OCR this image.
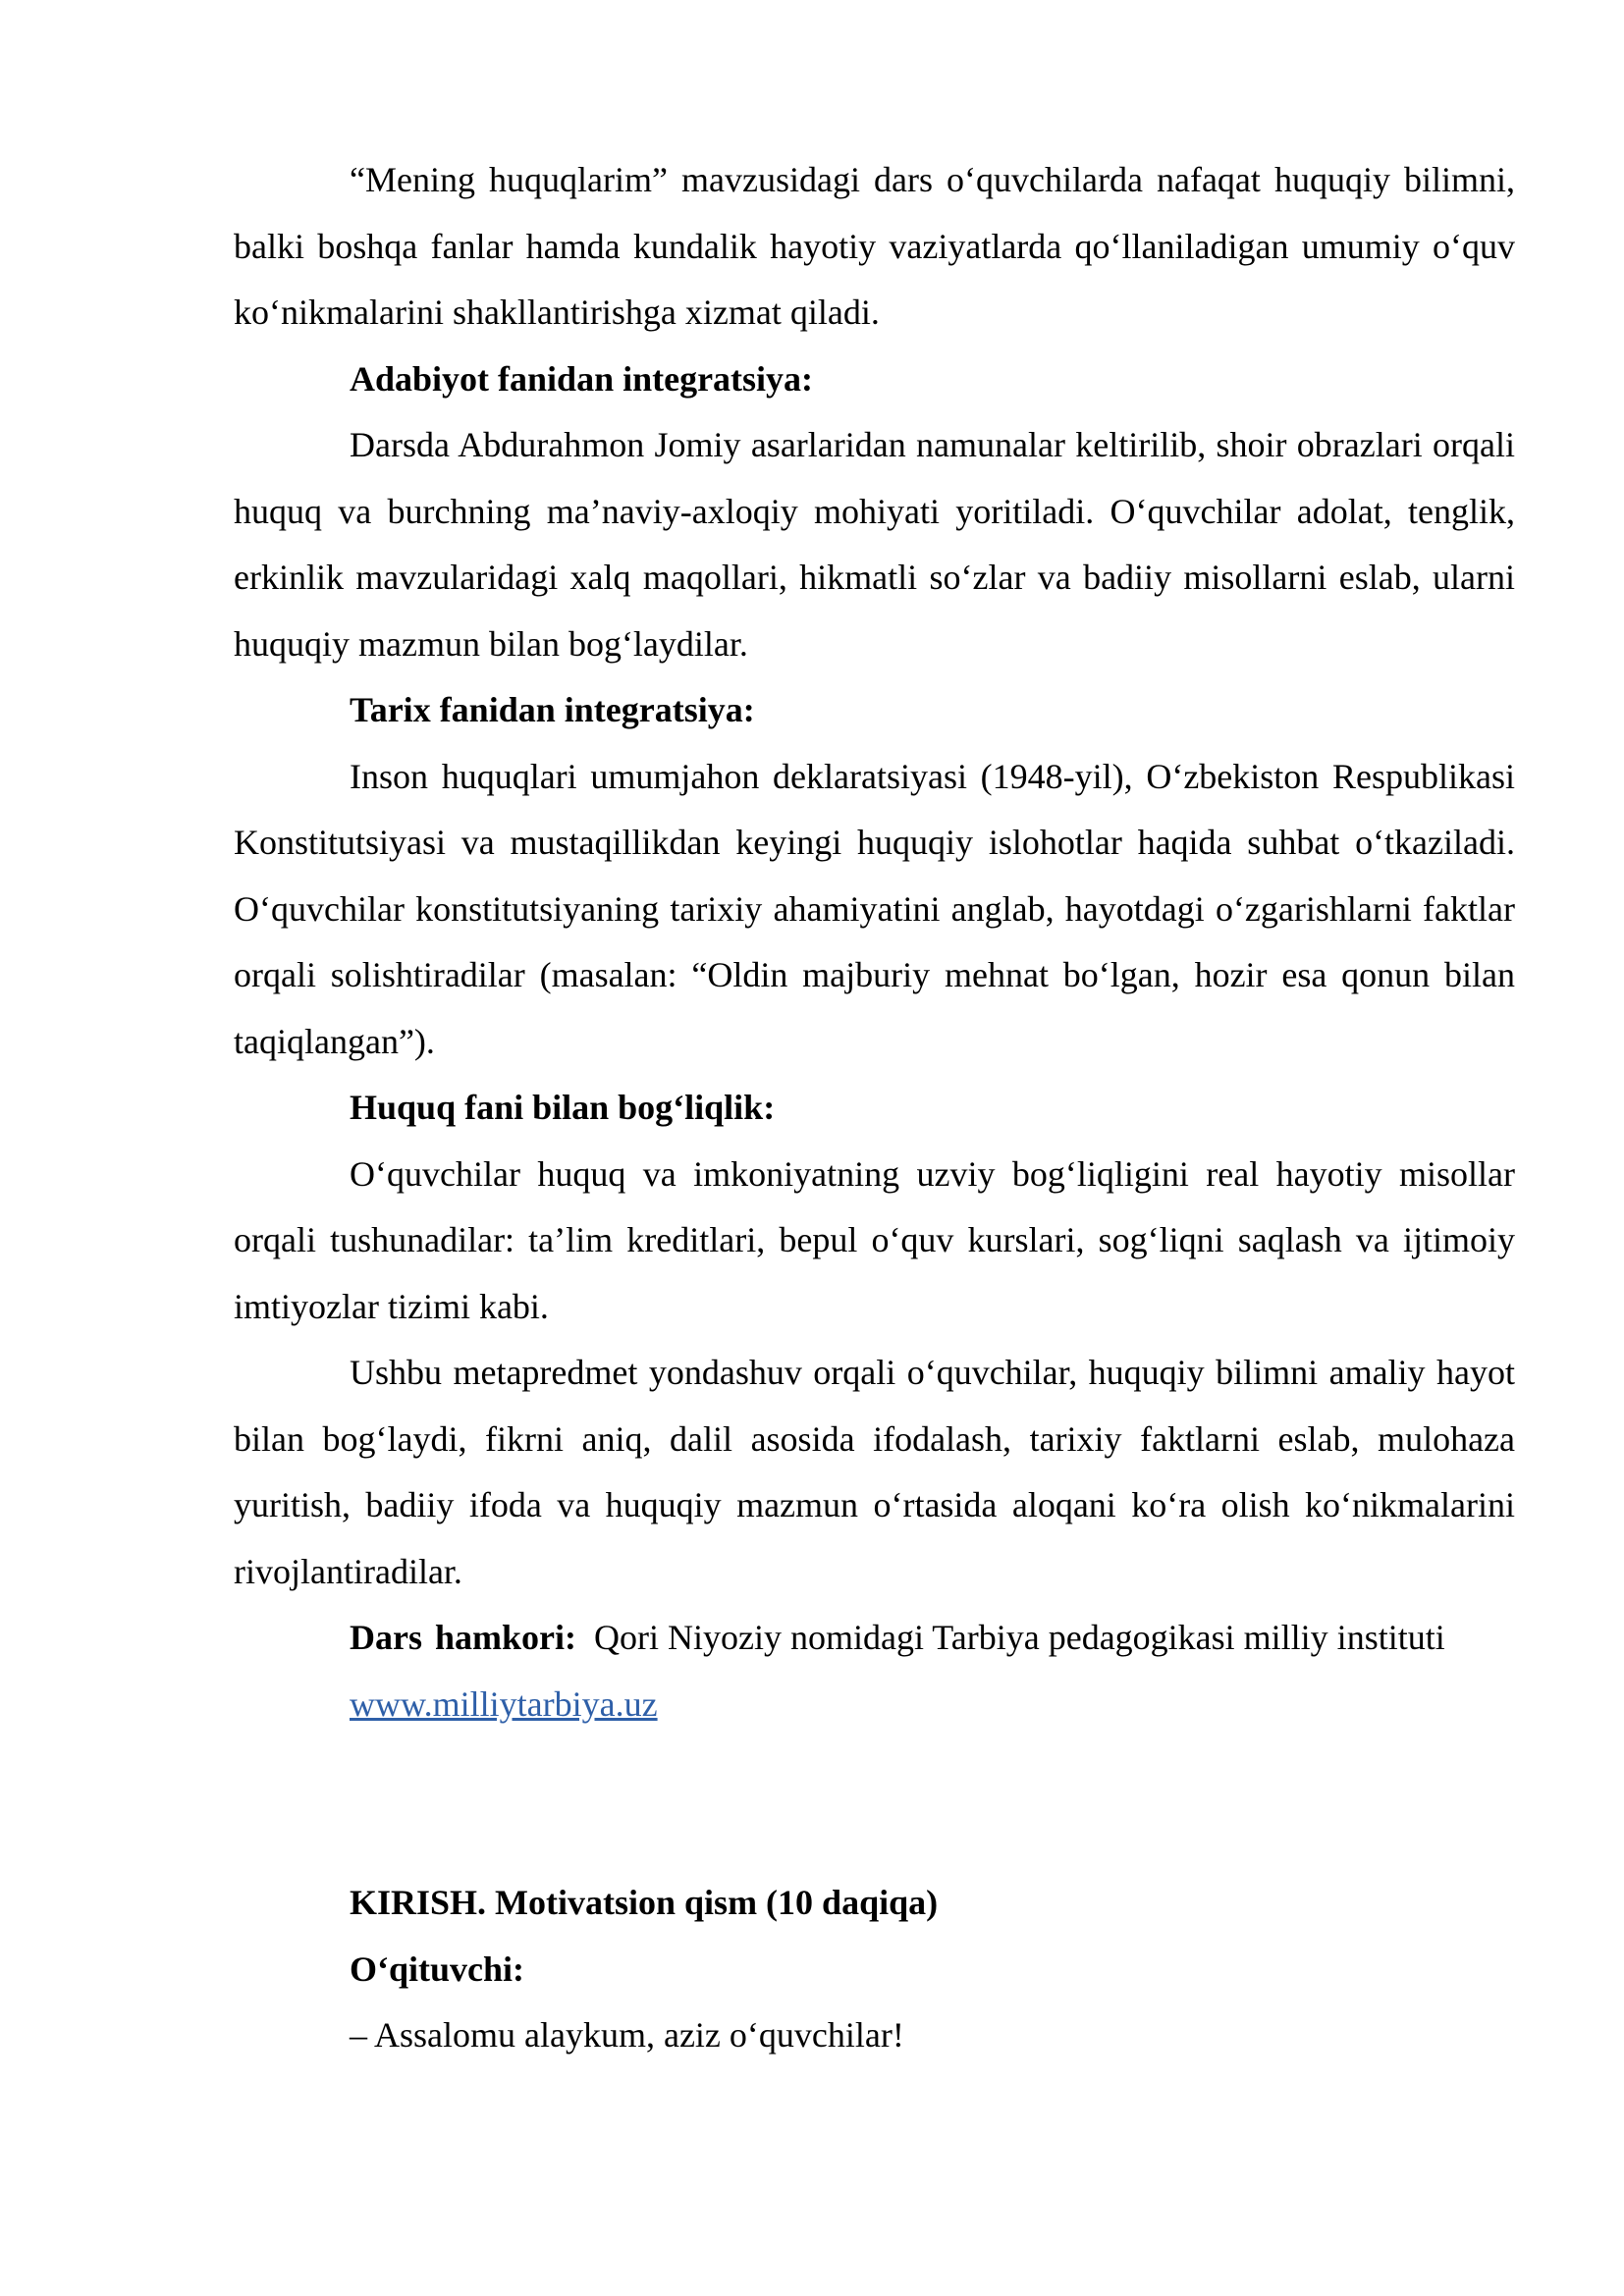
“Mening huquqlarim” mavzusidagi dars o‘quvchilarda nafaqat huquqiy bilimni, balki boshqa fanlar hamda kundalik hayotiy vaziyatlarda qo‘llaniladigan umumiy o‘quv ko‘nikmalarini shakllantirishga xizmat qiladi.

Adabiyot fanidan integratsiya:

Darsda Abdurahmon Jomiy asarlaridan namunalar keltirilib, shoir obrazlari orqali huquq va burchning ma’naviy-axloqiy mohiyati yoritiladi. O‘quvchilar adolat, tenglik, erkinlik mavzularidagi xalq maqollari, hikmatli so‘zlar va badiiy misollarni eslab, ularni huquqiy mazmun bilan bog‘laydilar.

Tarix fanidan integratsiya:

Inson huquqlari umumjahon deklaratsiyasi (1948-yil), O‘zbekiston Respublikasi Konstitutsiyasi va mustaqillikdan keyingi huquqiy islohotlar haqida suhbat o‘tkaziladi. O‘quvchilar konstitutsiyaning tarixiy ahamiyatini anglab, hayotdagi o‘zgarishlarni faktlar orqali solishtiradilar (masalan: “Oldin majburiy mehnat bo‘lgan, hozir esa qonun bilan taqiqlangan”).

Huquq fani bilan bog‘liqlik:

O‘quvchilar huquq va imkoniyatning uzviy bog‘liqligini real hayotiy misollar orqali tushunadilar: ta’lim kreditlari, bepul o‘quv kurslari, sog‘liqni saqlash va ijtimoiy imtiyozlar tizimi kabi.

Ushbu metapredmet yondashuv orqali o‘quvchilar, huquqiy bilimni amaliy hayot bilan bog‘laydi, fikrni aniq, dalil asosida ifodalash, tarixiy faktlarni eslab, mulohaza yuritish, badiiy ifoda va huquqiy mazmun o‘rtasida aloqani ko‘ra olish ko‘nikmalarini rivojlantiradilar.

Dars hamkori: Qori Niyoziy nomidagi Tarbiya pedagogikasi milliy instituti

www.milliytarbiya.uz

KIRISH. Motivatsion qism (10 daqiqa)

O‘qituvchi:

– Assalomu alaykum, aziz o‘quvchilar!
